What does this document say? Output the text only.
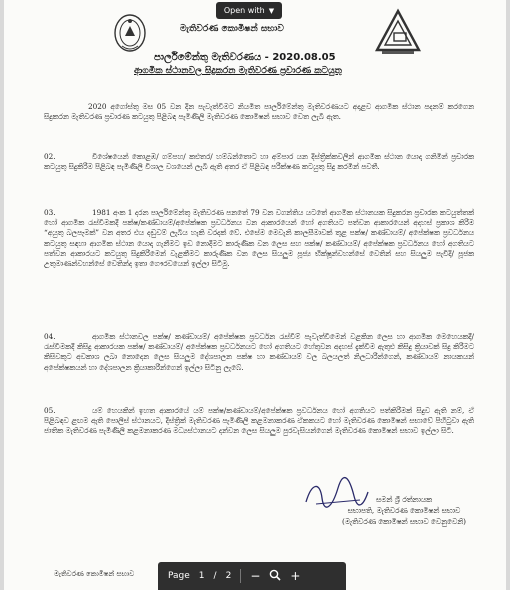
මැතිවරණ කොමිෂන් සභාව
පාර්ලිමේන්තු මැතිවරණය - 2020.08.05
ආගමික ස්ථානවල සිදුකරන මැතිවරණ ප්‍රචාරණ කටයුතු
2020 අගෝස්තු මස 05 වන දින පැවැත්වීමට නියමිත පාර්ලිමේන්තු මැතිවරණයට අදාළව ආගමික ස්ථාන පදනම් කරගෙන සිදුකරන මැතිවරණ ප්‍රචාරණ කටයුතු පිළිබඳ පැමිණිලි මැතිවරණ කොමිෂන් සභාව වෙත ලැබී ඇත.
02.	විශේෂයෙන් කොළඹ/ ගම්පහ/ කළුතර/ හම්බන්තොට හා අම්පාර යන දිස්ත්‍රික්කවලින් ආගමික ස්ථාන යොදා ගනිමින් ප්‍රචාරක කටයුතු සිදුකිරීම පිළිබඳ පැමිණිලි විශාල වශයෙන් ලැබී ඇති අතර ඒ පිළිබඳ පරීක්ෂණ කටයුතු සිදු කරමින් පවතී.
03.	1981 අංක 1 දරන පාර්ලිමේන්තු මැතිවරණ පනතේ 79 වන වගන්තිය යටතේ ආගමික ස්ථානයක සිදුකරන ප්‍රචාරක කටයුත්තක් හෝ ආගමික රැස්වීමකදී පක්ෂ/කණ්ඩායම්/අපේක්ෂක ප්‍රවර්ධනය වන ආකාරයෙන් හෝ අගතියට පත්වන ආකාරයෙන් අදහස් ප්‍රකාශ කිරීම “අයුතු බලපෑමක්” වන අතර එය දඬුවම් ලැබිය හැකි වරදක් වේ. එසේම මෙවැනි කාලසීමාවක් තුළ පක්ෂ/ කණ්ඩායම්/ අපේක්ෂක ප්‍රවර්ධනය කටයුතු සඳහා ආගමික ස්ථාන යොදා ගැනීමට ඉඩ නොදීමට කාරුණික වන ලෙස සහ පක්ෂ/ කණ්ඩායම්/ අපේක්ෂක ප්‍රවර්ධනය හෝ අගතියට පත්වන ආකාරයට කටයුතු සිදුකිරීමෙන් වැළකීමට කාරුණික වන ලෙස සියලුම පූජ්‍ය භික්ෂූන්වහන්සේ වෙතින් සහ සියලුම පැවිදි/ පූජක උතුමාණන්වහන්සේ වෙතින්ද ඉතා ගෞරවයෙන් ඉල්ලා සිටිමු.
04.	ආගමික ස්ථානවල පක්ෂ/ කණ්ඩායම්/ අපේක්ෂක ප්‍රවර්ධන රැස්වීම් පැවැත්වීමෙන් වළකින ලෙස හා ආගමික මෙහෙයකදී/රැස්වීමකදී කිසිදු ආකාරයක පක්ෂ/ කණ්ඩායම්/ අපේක්ෂක ප්‍රවර්ධනයට හෝ අගතියට හේතුවන අදහස් දැක්වීම ඇතුළු කිසිදු ක්‍රියාවක් සිදු කිරීමට කිසිවකුට අවකාශ ලබා නොදෙන ලෙස සියලුම දේශපාලන පක්ෂ හා කණ්ඩායම් වල බලයලත් නිලධාරීන්ගෙන්, කණ්ඩායම් නායකයන් අපේක්ෂකයන් හා දේශපාලන ක්‍රියාකාරීන්ගෙන් ඉල්ලා සිටිනු ලැබේ.
05.	යම් හෙයකින් ඉහත ආකාරයේ යම් පක්ෂ/කණ්ඩායම්/අපේක්ෂක ප්‍රවර්ධනය හෝ අගතියට පත්කිරීමක් සිදුව ඇති නම්, ඒ පිළිබඳව ළඟම ඇති පොලිස් ස්ථානයට, දිස්ත්‍රික් මැතිවරණ පැමිණිලි කළමනාකරණ ඒකකයට හෝ මැතිවරණ කොමිෂන් සභාවේ පිහිටුවා ඇති ජාතික මැතිවරණ පැමිණිලි කළමනාකරණ මධ්‍යස්ථානයට දන්වන ලෙස සියලුම පුරවැසියන්ගෙන් මැතිවරණ කොමිෂන් සභාව ඉල්ලා සිටී.
සමන් ශ්‍රී රත්නායක
සභාපති, මැතිවරණ කොමිෂන් සභාව
(මැතිවරණ කොමිෂන් සභාව වෙනුවෙනි)
මැතිවරණ කොමිෂන් සභාව
Open with ▼
Page 1 / 2 −	+
